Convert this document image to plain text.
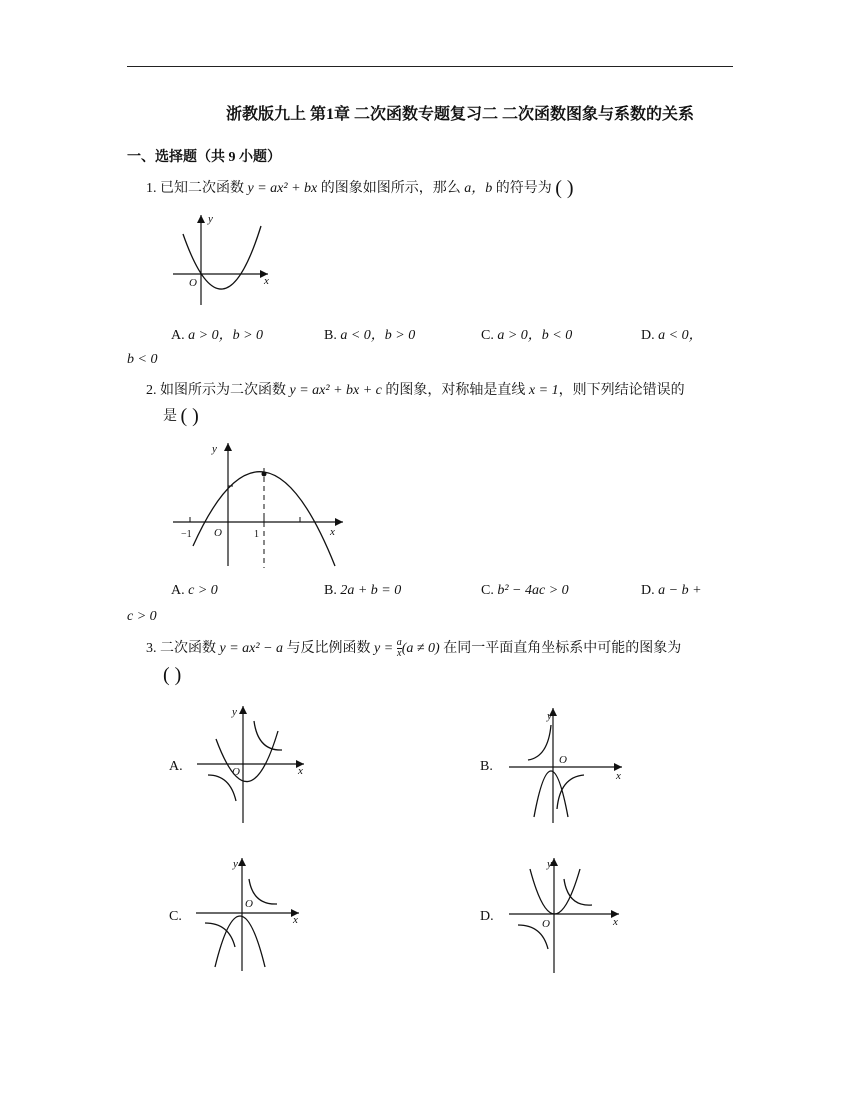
浙教版九上 第1章 二次函数专题复习二 二次函数图象与系数的关系
一、选择题（共 9 小题）
1. 已知二次函数 y = ax² + bx 的图象如图所示，那么 a，b 的符号为 ( )
y
x
O
A. a > 0，b > 0	B. a < 0，b > 0	C. a > 0，b < 0	D. a < 0，
b < 0
2. 如图所示为二次函数 y = ax² + bx + c 的图象，对称轴是直线 x = 1，则下列结论错误的
是 ( )
y
x
O
−1	1
A. c > 0	B. 2a + b = 0	C. b² − 4ac > 0	D. a − b +
c > 0
3. 二次函数 y = ax² − a 与反比例函数 $y = \frac{a}{x} (a \ne 0)$ 在同一平面直角坐标系中可能的图象为
( )
A.
y
x
O	B.
y
x
O
C.
y
x
O
D.
y
x
O
